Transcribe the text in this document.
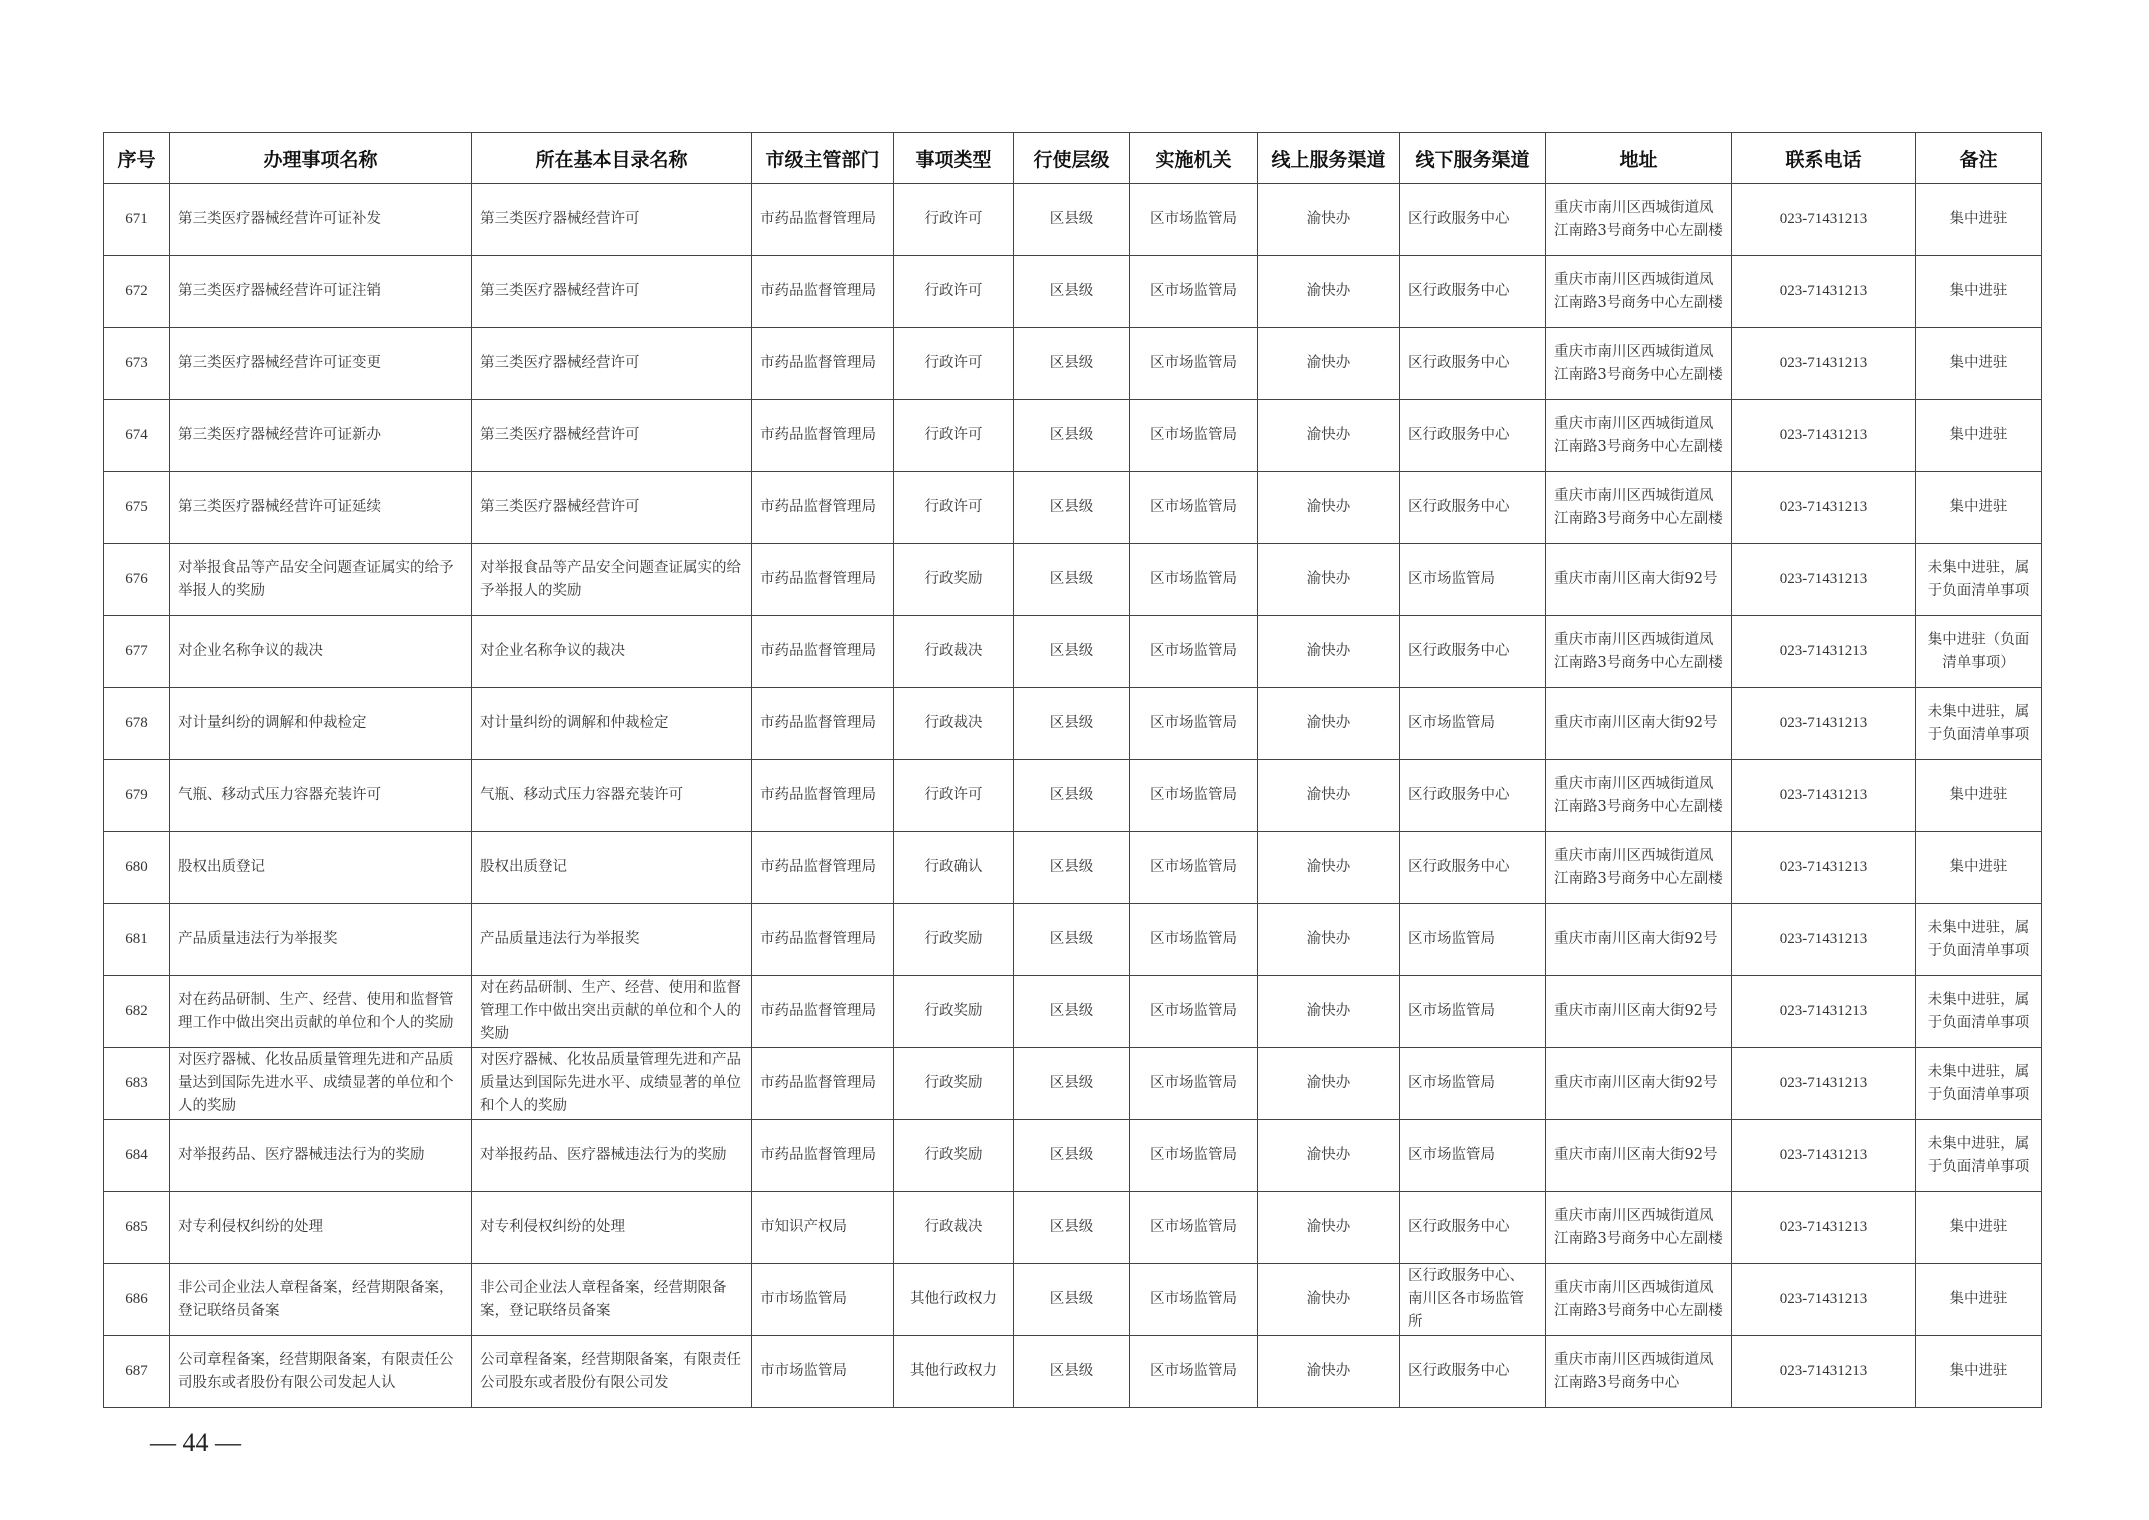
序号	办理事项名称	所在基本目录名称	市级主管部门	事项类型	行使层级	实施机关	线上服务渠道	线下服务渠道	地址	联系电话	备注
671	第三类医疗器械经营许可证补发	第三类医疗器械经营许可	市药品监督管理局	行政许可	区县级	区市场监管局	渝快办	区行政服务中心	重庆市南川区西城街道凤江南路3号商务中心左副楼	023-71431213	集中进驻
672	第三类医疗器械经营许可证注销	第三类医疗器械经营许可	市药品监督管理局	行政许可	区县级	区市场监管局	渝快办	区行政服务中心	重庆市南川区西城街道凤江南路3号商务中心左副楼	023-71431213	集中进驻
673	第三类医疗器械经营许可证变更	第三类医疗器械经营许可	市药品监督管理局	行政许可	区县级	区市场监管局	渝快办	区行政服务中心	重庆市南川区西城街道凤江南路3号商务中心左副楼	023-71431213	集中进驻
674	第三类医疗器械经营许可证新办	第三类医疗器械经营许可	市药品监督管理局	行政许可	区县级	区市场监管局	渝快办	区行政服务中心	重庆市南川区西城街道凤江南路3号商务中心左副楼	023-71431213	集中进驻
675	第三类医疗器械经营许可证延续	第三类医疗器械经营许可	市药品监督管理局	行政许可	区县级	区市场监管局	渝快办	区行政服务中心	重庆市南川区西城街道凤江南路3号商务中心左副楼	023-71431213	集中进驻
676	对举报食品等产品安全问题查证属实的给予举报人的奖励	对举报食品等产品安全问题查证属实的给予举报人的奖励	市药品监督管理局	行政奖励	区县级	区市场监管局	渝快办	区市场监管局	重庆市南川区南大街92号	023-71431213	未集中进驻，属于负面清单事项
677	对企业名称争议的裁决	对企业名称争议的裁决	市药品监督管理局	行政裁决	区县级	区市场监管局	渝快办	区行政服务中心	重庆市南川区西城街道凤江南路3号商务中心左副楼	023-71431213	集中进驻（负面清单事项）
678	对计量纠纷的调解和仲裁检定	对计量纠纷的调解和仲裁检定	市药品监督管理局	行政裁决	区县级	区市场监管局	渝快办	区市场监管局	重庆市南川区南大街92号	023-71431213	未集中进驻，属于负面清单事项
679	气瓶、移动式压力容器充装许可	气瓶、移动式压力容器充装许可	市药品监督管理局	行政许可	区县级	区市场监管局	渝快办	区行政服务中心	重庆市南川区西城街道凤江南路3号商务中心左副楼	023-71431213	集中进驻
680	股权出质登记	股权出质登记	市药品监督管理局	行政确认	区县级	区市场监管局	渝快办	区行政服务中心	重庆市南川区西城街道凤江南路3号商务中心左副楼	023-71431213	集中进驻
681	产品质量违法行为举报奖	产品质量违法行为举报奖	市药品监督管理局	行政奖励	区县级	区市场监管局	渝快办	区市场监管局	重庆市南川区南大街92号	023-71431213	未集中进驻，属于负面清单事项
682	对在药品研制、生产、经营、使用和监督管理工作中做出突出贡献的单位和个人的奖励	对在药品研制、生产、经营、使用和监督管理工作中做出突出贡献的单位和个人的奖励	市药品监督管理局	行政奖励	区县级	区市场监管局	渝快办	区市场监管局	重庆市南川区南大街92号	023-71431213	未集中进驻，属于负面清单事项
683	对医疗器械、化妆品质量管理先进和产品质量达到国际先进水平、成绩显著的单位和个人的奖励	对医疗器械、化妆品质量管理先进和产品质量达到国际先进水平、成绩显著的单位和个人的奖励	市药品监督管理局	行政奖励	区县级	区市场监管局	渝快办	区市场监管局	重庆市南川区南大街92号	023-71431213	未集中进驻，属于负面清单事项
684	对举报药品、医疗器械违法行为的奖励	对举报药品、医疗器械违法行为的奖励	市药品监督管理局	行政奖励	区县级	区市场监管局	渝快办	区市场监管局	重庆市南川区南大街92号	023-71431213	未集中进驻，属于负面清单事项
685	对专利侵权纠纷的处理	对专利侵权纠纷的处理	市知识产权局	行政裁决	区县级	区市场监管局	渝快办	区行政服务中心	重庆市南川区西城街道凤江南路3号商务中心左副楼	023-71431213	集中进驻
686	非公司企业法人章程备案，经营期限备案，登记联络员备案	非公司企业法人章程备案，经营期限备案，登记联络员备案	市市场监管局	其他行政权力	区县级	区市场监管局	渝快办	区行政服务中心、南川区各市场监管所	重庆市南川区西城街道凤江南路3号商务中心左副楼	023-71431213	集中进驻
687	公司章程备案，经营期限备案，有限责任公司股东或者股份有限公司发起人认	公司章程备案，经营期限备案，有限责任公司股东或者股份有限公司发	市市场监管局	其他行政权力	区县级	区市场监管局	渝快办	区行政服务中心	重庆市南川区西城街道凤江南路3号商务中心	023-71431213	集中进驻
— 44 —
